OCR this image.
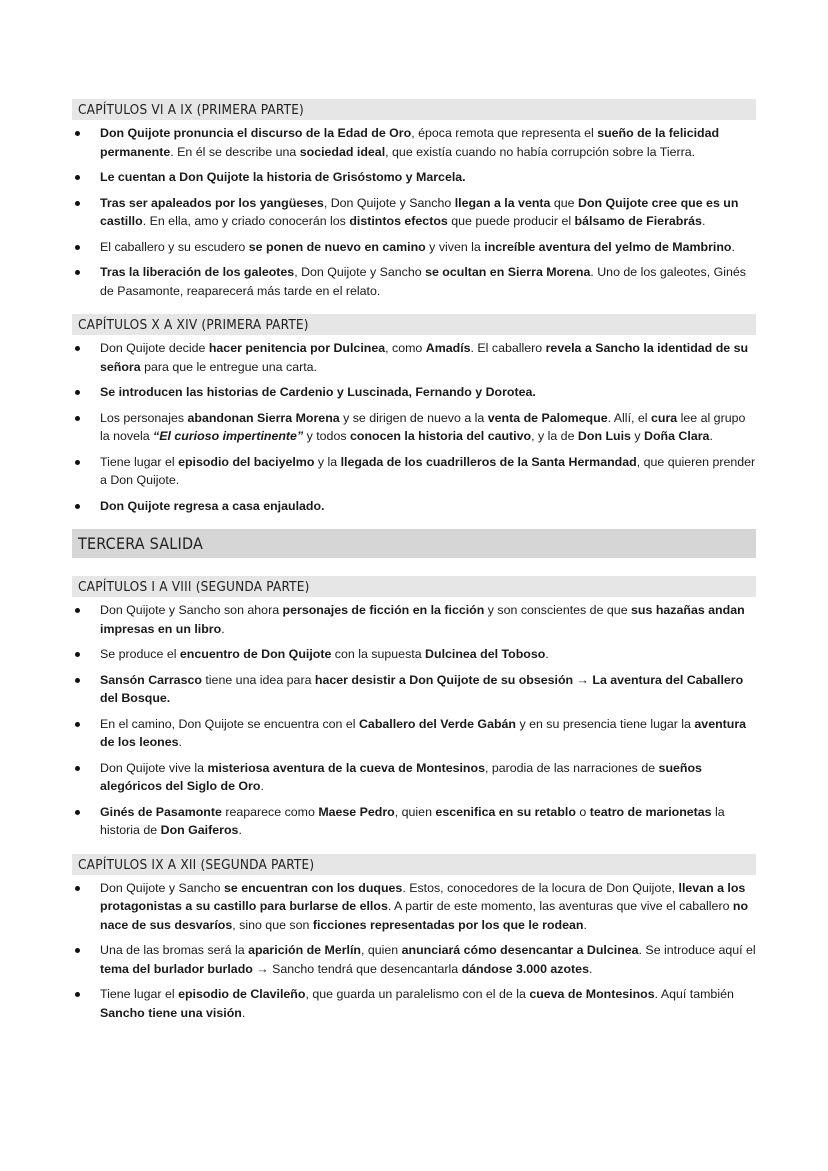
CAPÍTULOS VI A IX (PRIMERA PARTE)
Don Quijote pronuncia el discurso de la Edad de Oro, época remota que representa el sueño de la felicidad permanente. En él se describe una sociedad ideal, que existía cuando no había corrupción sobre la Tierra.
Le cuentan a Don Quijote la historia de Grisóstomo y Marcela.
Tras ser apaleados por los yangüeses, Don Quijote y Sancho llegan a la venta que Don Quijote cree que es un castillo. En ella, amo y criado conocerán los distintos efectos que puede producir el bálsamo de Fierabrás.
El caballero y su escudero se ponen de nuevo en camino y viven la increíble aventura del yelmo de Mambrino.
Tras la liberación de los galeotes, Don Quijote y Sancho se ocultan en Sierra Morena. Uno de los galeotes, Ginés de Pasamonte, reaparecerá más tarde en el relato.
CAPÍTULOS X A XIV (PRIMERA PARTE)
Don Quijote decide hacer penitencia por Dulcinea, como Amadís. El caballero revela a Sancho la identidad de su señora para que le entregue una carta.
Se introducen las historias de Cardenio y Luscinada, Fernando y Dorotea.
Los personajes abandonan Sierra Morena y se dirigen de nuevo a la venta de Palomeque. Allí, el cura lee al grupo la novela “El curioso impertinente” y todos conocen la historia del cautivo, y la de Don Luis y Doña Clara.
Tiene lugar el episodio del baciyelmo y la llegada de los cuadrilleros de la Santa Hermandad, que quieren prender a Don Quijote.
Don Quijote regresa a casa enjaulado.
TERCERA SALIDA
CAPÍTULOS I A VIII (SEGUNDA PARTE)
Don Quijote y Sancho son ahora personajes de ficción en la ficción y son conscientes de que sus hazañas andan impresas en un libro.
Se produce el encuentro de Don Quijote con la supuesta Dulcinea del Toboso.
Sansón Carrasco tiene una idea para hacer desistir a Don Quijote de su obsesión → La aventura del Caballero del Bosque.
En el camino, Don Quijote se encuentra con el Caballero del Verde Gabán y en su presencia tiene lugar la aventura de los leones.
Don Quijote vive la misteriosa aventura de la cueva de Montesinos, parodia de las narraciones de sueños alegóricos del Siglo de Oro.
Ginés de Pasamonte reaparece como Maese Pedro, quien escenifica en su retablo o teatro de marionetas la historia de Don Gaiferos.
CAPÍTULOS IX A XII (SEGUNDA PARTE)
Don Quijote y Sancho se encuentran con los duques. Estos, conocedores de la locura de Don Quijote, llevan a los protagonistas a su castillo para burlarse de ellos. A partir de este momento, las aventuras que vive el caballero no nace de sus desvaríos, sino que son ficciones representadas por los que le rodean.
Una de las bromas será la aparición de Merlín, quien anunciará cómo desencantar a Dulcinea. Se introduce aquí el tema del burlador burlado → Sancho tendrá que desencantarla dándose 3.000 azotes.
Tiene lugar el episodio de Clavileño, que guarda un paralelismo con el de la cueva de Montesinos. Aquí también Sancho tiene una visión.
